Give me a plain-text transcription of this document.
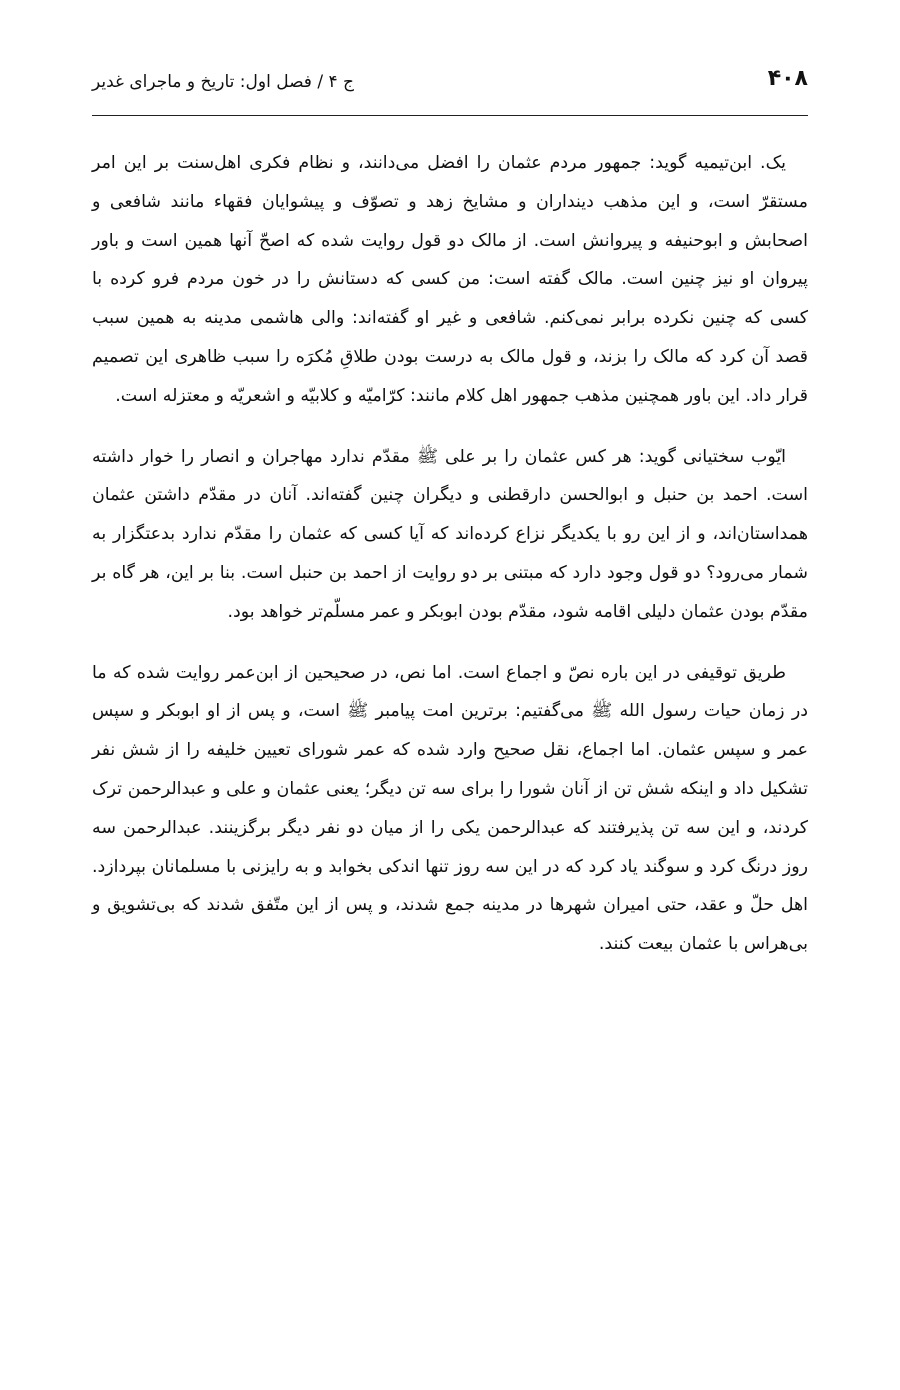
۴۰۸
ج ۴ / فصل اول: تاریخ و ماجرای غدیر

یک. ابن‌تیمیه گوید: جمهور مردم عثمان را افضل می‌دانند، و نظام فکری اهل‌سنت بر این امر مستقرّ است، و این مذهب دینداران و مشایخ زهد و تصوّف و پیشوایان فقهاء مانند شافعی و اصحابش و ابوحنیفه و پیروانش است. از مالک دو قول روایت شده که اصحّ آنها همین است و باور پیروان او نیز چنین است. مالک گفته است: من کسی که دستانش را در خون مردم فرو کرده با کسی که چنین نکرده برابر نمی‌کنم. شافعی و غیر او گفته‌اند: والی هاشمی مدینه به همین سبب قصد آن کرد که مالک را بزند، و قول مالک به درست بودن طلاقِ مُکرَه را سبب ظاهری این تصمیم قرار داد. این باور همچنین مذهب جمهور اهل کلام مانند: کرّامیّه و کلابیّه و اشعریّه و معتزله است.

ایّوب سختیانی گوید: هر کس عثمان را بر علی ﷺ مقدّم ندارد مهاجران و انصار را خوار داشته است. احمد بن حنبل و ابوالحسن دارقطنی و دیگران چنین گفته‌اند. آنان در مقدّم داشتن عثمان همداستان‌اند، و از این رو با یکدیگر نزاع کرده‌اند که آیا کسی که عثمان را مقدّم ندارد بدعتگزار به شمار می‌رود؟ دو قول وجود دارد که مبتنی بر دو روایت از احمد بن حنبل است. بنا بر این، هر گاه بر مقدّم بودن عثمان دلیلی اقامه شود، مقدّم بودن ابوبکر و عمر مسلّم‌تر خواهد بود.

طریق توقیفی در این باره نصّ و اجماع است. اما نص، در صحیحین از ابن‌عمر روایت شده که ما در زمان حیات رسول الله ﷺ می‌گفتیم: برترین امت پیامبر ﷺ است، و پس از او ابوبکر و سپس عمر و سپس عثمان. اما اجماع، نقل صحیح وارد شده که عمر شورای تعیین خلیفه را از شش نفر تشکیل داد و اینکه شش تن از آنان شورا را برای سه تن دیگر؛ یعنی عثمان و علی و عبدالرحمن ترک کردند، و این سه تن پذیرفتند که عبدالرحمن یکی را از میان دو نفر دیگر برگزینند. عبدالرحمن سه روز درنگ کرد و سوگند یاد کرد که در این سه روز تنها اندکی بخوابد و به رایزنی با مسلمانان بپردازد. اهل حلّ و عقد، حتی امیران شهرها در مدینه جمع شدند، و پس از این متّفق شدند که بی‌تشویق و بی‌هراس با عثمان بیعت کنند.
